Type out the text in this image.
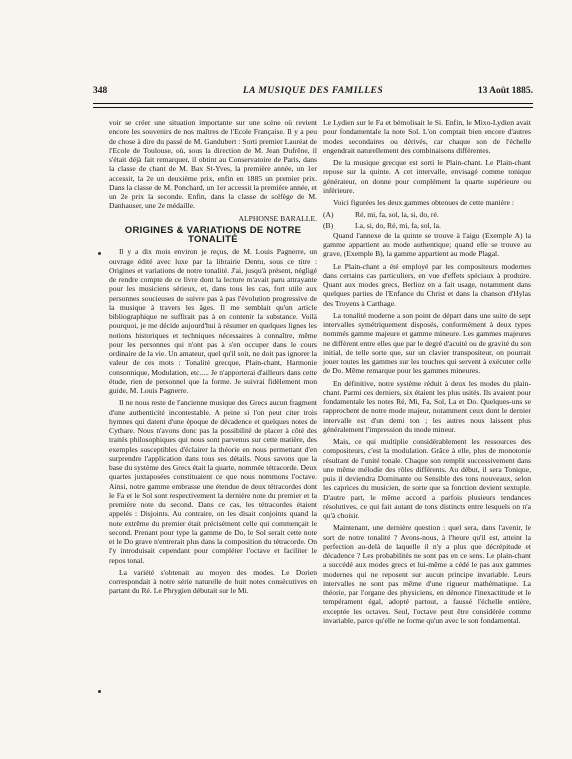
348	LA MUSIQUE DES FAMILLES	13 Août 1885.

voir se créer une situation importante sur une scène où revient encore les souvenirs de nos maîtres de l'Ecole Française. Il y a peu de chose à dire du passé de M. Gandubert : Sorti premier Lauréat de l'Ecole de Toulouse, où, sous la direction de M. Jean Dufrêne, il s'était déjà fait remarquer, il obtint au Conservatoire de Paris, dans la classe de chant de M. Bax St-Yves, la première année, un 1er accessit, la 2e un deuxième prix, enfin en 1885 un premier prix. Dans la classe de M. Ponchard, un 1er accessit la première année, et un 2e prix la seconde. Enfin, dans la classe de solfège de M. Danhauser, une 2e médaille.

ALPHONSE BARALLE.

ORIGINES & VARIATIONS DE NOTRE TONALITÉ

Il y a dix mois environ je reçus, de M. Louis Pagnerre, un ouvrage édité avec luxe par la librairie Dentu, sous ce titre : Origines et variations de notre tonalité. J'ai, jusqu'à présent, négligé de rendre compte de ce livre dont la lecture m'avait paru attrayante pour les musiciens sérieux, et, dans tous les cas, fort utile aux personnes soucieuses de suivre pas à pas l'évolution progressive de la musique à travers les âges. Il me semblait qu'un article bibliographique ne suffirait pas à en contenir la substance. Voilà pourquoi, je me décide aujourd'hui à résumer en quelques lignes les notions historiques et techniques nécessaires à connaître, même pour les personnes qui n'ont pas à s'en occuper dans le cours ordinaire de la vie. Un amateur, quel qu'il soit, ne doit pas ignorer la valeur de ces mots : Tonalité grecque, Plain-chant, Harmonie consonnique, Modulation, etc..... Je n'apporterai d'ailleurs dans cette étude, rien de personnel que la forme. Je suivrai fidèlement mon guide, M. Louis Pagnerre.

Il ne nous reste de l'ancienne musique des Grecs aucun fragment d'une authenticité incontestable. A peine si l'on peut citer trois hymnes qui datent d'une époque de décadence et quelques notes de Cythare. Nous n'avons donc pas la possibilité de placer à côté des traités philosophiques qui nous sont parvenus sur cette matière, des exemples susceptibles d'éclairer la théorie en nous permettant d'en surprendre l'application dans tous ses détails. Nous savons que la base du système des Grecs était la quarte, nommée tétracorde. Deux quartes juxtaposées constituaient ce que nous nommons l'octave. Ainsi, notre gamme embrasse une étendue de deux tétracordes dont le Fa et le Sol sont respectivement la dernière note du premier et la première note du second. Dans ce cas, les tétracordes étaient appelés : Disjoints. Au contraire, on les disait conjoints quand la note extrême du premier était précisément celle qui commençait le second. Prenant pour type la gamme de Do, le Sol serait cette note et le Do grave n'entrerait plus dans la composition du tétracorde. On l'y introduisait cependant pour compléter l'octave et faciliter le repos tonal.

La variété s'obtenait au moyen des modes. Le Dorien correspondait à notre série naturelle de huit notes consécutives en partant du Ré. Le Phrygien débutait sur le Mi.

Le Lydien sur le Fa et bémolisait le Si. Enfin, le Mixo-Lydien avait pour fondamentale la note Sol. L'on comptait bien encore d'autres modes secondaires ou dérivés, car chaque son de l'échelle engendrait naturellement des combinaisons différentes.

De la musique grecque est sorti le Plain-chant. Le Plain-chant repose sur la quinte. A cet intervalle, envisagé comme tonique générateur, on donne pour complément la quarte supérieure ou inférieure.

Voici figurées les deux gammes obtenues de cette manière :

(A)	Ré, mi, fa, sol, la, si, do, ré.
(B)	La, si, do, Ré, mi, fa, sol, la.

Quand l'annexe de la quinte se trouve à l'aigu (Exemple A) la gamme appartient au mode authentique; quand elle se trouve au grave, (Exemple B), la gamme appartient au mode Plagal.

Le Plain-chant a été employé par les compositeurs modernes dans certains cas particuliers, en vue d'effets spéciaux à produire. Quant aux modes grecs, Berlioz en a fait usage, notamment dans quelques parties de l'Enfance du Christ et dans la chanson d'Hylas des Troyens à Carthage.

La tonalité moderne a son point de départ dans une suite de sept intervalles symétriquement disposés, conformément à deux types nommés gamme majeure et gamme mineure. Les gammes majeures ne diffèrent entre elles que par le degré d'acuité ou de gravité du son initial, de telle sorte que, sur un clavier transpositeur, on pourrait jouer toutes les gammes sur les touches qui servent à exécuter celle de Do. Même remarque pour les gammes mineures.

En définitive, notre système réduit à deux les modes du plain-chant. Parmi ces derniers, six étaient les plus usités. Ils avaient pour fondamentale les notes Ré, Mi, Fa, Sol, La et Do. Quelques-uns se rapprochent de notre mode majeur, notamment ceux dont le dernier intervalle est d'un demi ton ; les autres nous laissent plus généralement l'impression du mode mineur.

Mais, ce qui multiplie considérablement les ressources des compositeurs, c'est la modulation. Grâce à elle, plus de monotonie résultant de l'unité tonale. Chaque son remplit successivement dans une même mélodie des rôles différents. Au début, il sera Tonique, puis il deviendra Dominante ou Sensible des tons nouveaux, selon les caprices du musicien, de sorte que sa fonction devient sextuple. D'autre part, le même accord a parfois plusieurs tendances résolutives, ce qui fait autant de tons distincts entre lesquels on n'a qu'à choisir.

Maintenant, une dernière question : quel sera, dans l'avenir, le sort de notre tonalité ? Avons-nous, à l'heure qu'il est, atteint la perfection au-delà de laquelle il n'y a plus que décrépitude et décadence ? Les probabilités ne sont pas en ce sens. Le plain-chant a succédé aux modes grecs et lui-même a cédé le pas aux gammes modernes qui ne reposent sur aucun principe invariable. Leurs intervalles ne sont pas même d'une rigueur mathématique. La théorie, par l'organe des physiciens, en dénonce l'inexactitude et le tempérament égal, adopté partout, a faussé l'échelle entière, exceptée les octaves. Seul, l'octave peut être considérée comme invariable, parce qu'elle ne forme qu'un avec le son fondamental.
